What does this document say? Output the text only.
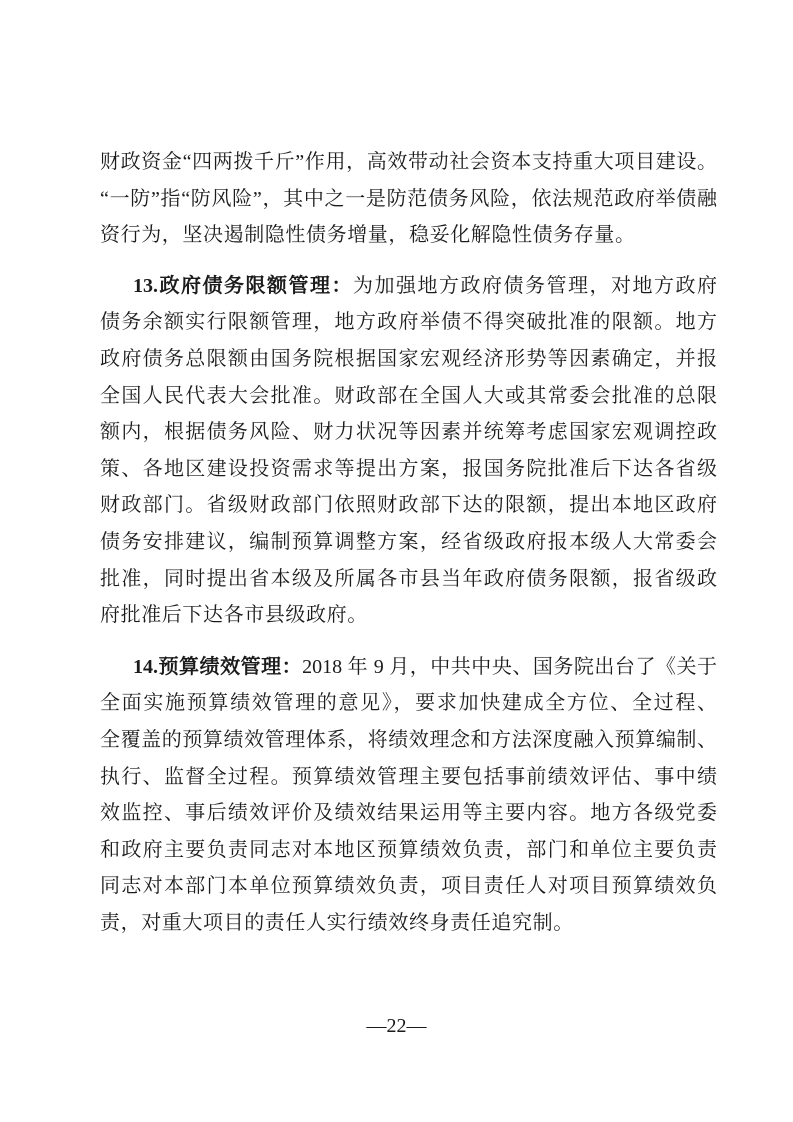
财政资金“四两拨千斤”作用，高效带动社会资本支持重大项目建设。
“一防”指“防风险”，其中之一是防范债务风险，依法规范政府举债融
资行为，坚决遏制隐性债务增量，稳妥化解隐性债务存量。
13.政府债务限额管理：为加强地方政府债务管理，对地方政府
债务余额实行限额管理，地方政府举债不得突破批准的限额。地方
政府债务总限额由国务院根据国家宏观经济形势等因素确定，并报
全国人民代表大会批准。财政部在全国人大或其常委会批准的总限
额内，根据债务风险、财力状况等因素并统筹考虑国家宏观调控政
策、各地区建设投资需求等提出方案，报国务院批准后下达各省级
财政部门。省级财政部门依照财政部下达的限额，提出本地区政府
债务安排建议，编制预算调整方案，经省级政府报本级人大常委会
批准，同时提出省本级及所属各市县当年政府债务限额，报省级政
府批准后下达各市县级政府。
14.预算绩效管理：2018 年 9 月，中共中央、国务院出台了《关于
全面实施预算绩效管理的意见》，要求加快建成全方位、全过程、
全覆盖的预算绩效管理体系，将绩效理念和方法深度融入预算编制、
执行、监督全过程。预算绩效管理主要包括事前绩效评估、事中绩
效监控、事后绩效评价及绩效结果运用等主要内容。地方各级党委
和政府主要负责同志对本地区预算绩效负责，部门和单位主要负责
同志对本部门本单位预算绩效负责，项目责任人对项目预算绩效负
责，对重大项目的责任人实行绩效终身责任追究制。
—22—
